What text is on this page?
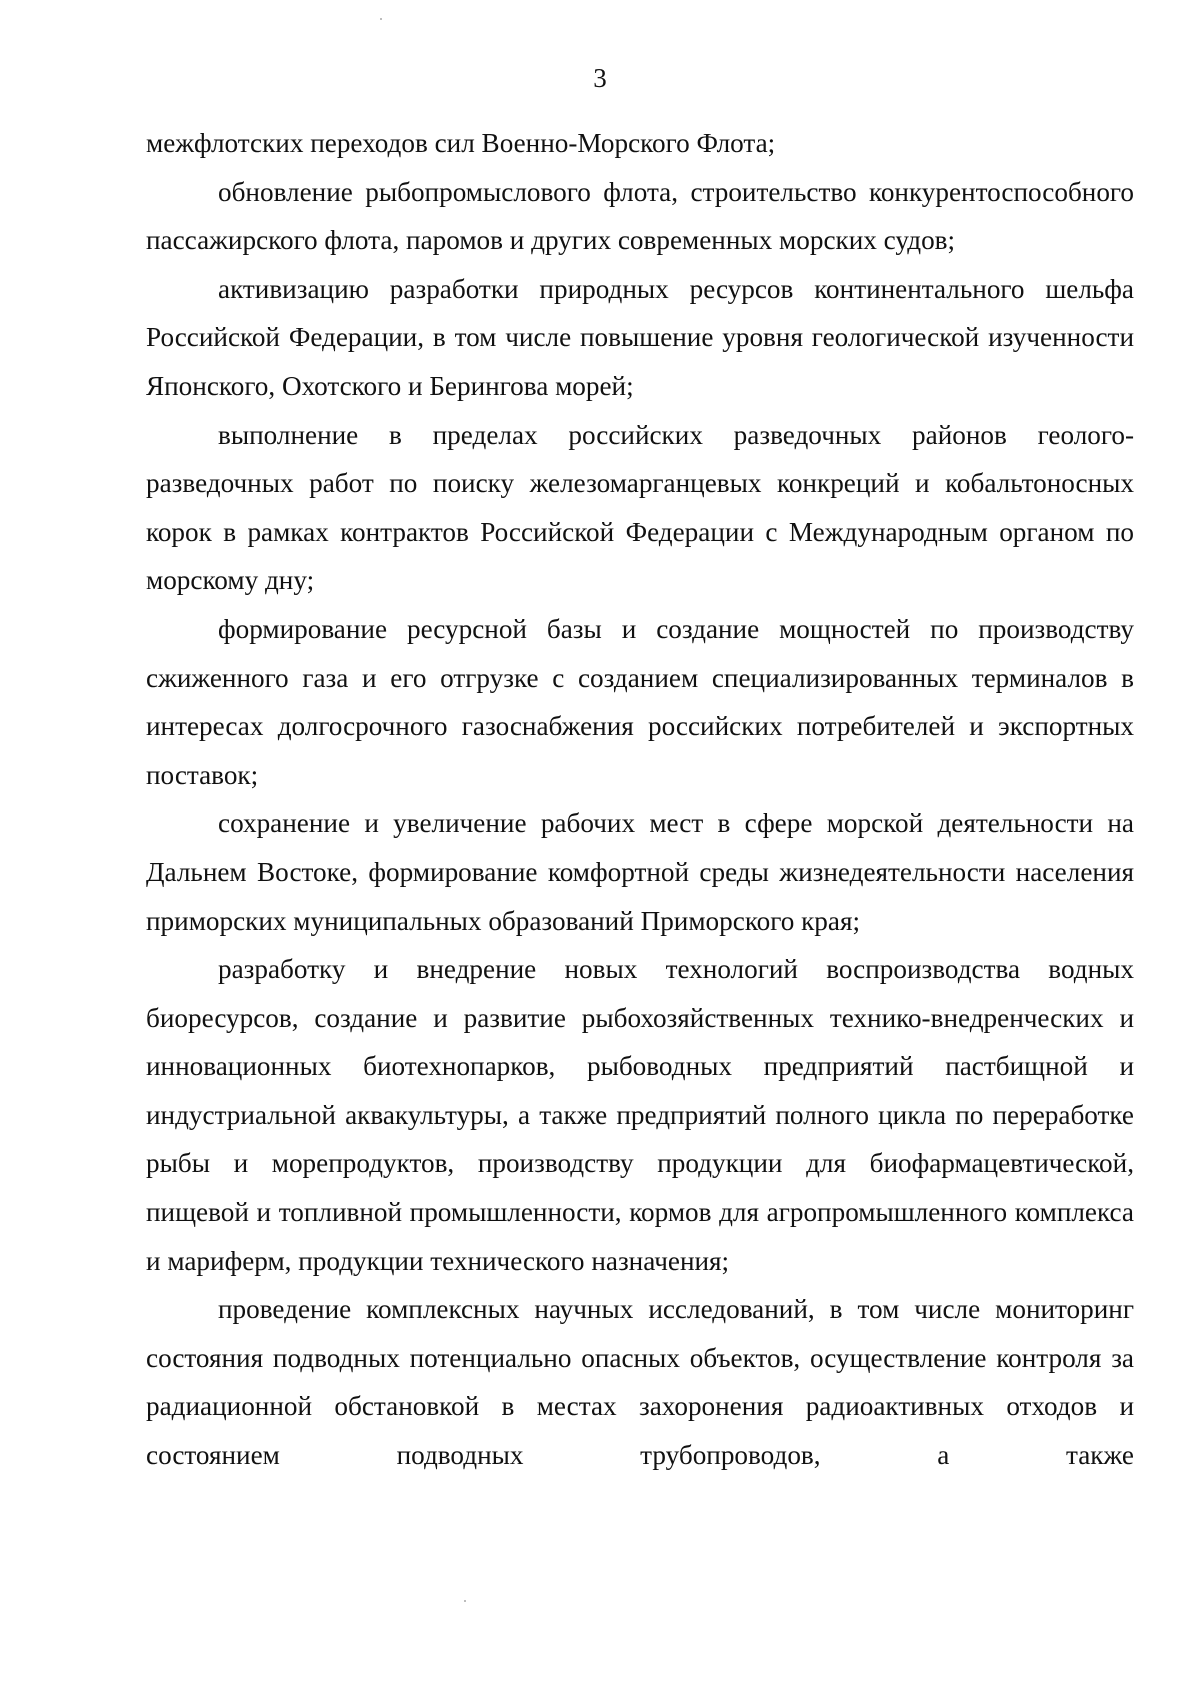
3

межфлотских переходов сил Военно-Морского Флота;

обновление рыбопромыслового флота, строительство конкурентоспособного пассажирского флота, паромов и других современных морских судов;

активизацию разработки природных ресурсов континентального шельфа Российской Федерации, в том числе повышение уровня геологической изученности Японского, Охотского и Берингова морей;

выполнение в пределах российских разведочных районов геолого-разведочных работ по поиску железомарганцевых конкреций и кобальтоносных корок в рамках контрактов Российской Федерации с Международным органом по морскому дну;

формирование ресурсной базы и создание мощностей по производству сжиженного газа и его отгрузке с созданием специализированных терминалов в интересах долгосрочного газоснабжения российских потребителей и экспортных поставок;

сохранение и увеличение рабочих мест в сфере морской деятельности на Дальнем Востоке, формирование комфортной среды жизнедеятельности населения приморских муниципальных образований Приморского края;

разработку и внедрение новых технологий воспроизводства водных биоресурсов, создание и развитие рыбохозяйственных технико-внедренческих и инновационных биотехнопарков, рыбоводных предприятий пастбищной и индустриальной аквакультуры, а также предприятий полного цикла по переработке рыбы и морепродуктов, производству продукции для биофармацевтической, пищевой и топливной промышленности, кормов для агропромышленного комплекса и мариферм, продукции технического назначения;

проведение комплексных научных исследований, в том числе мониторинг состояния подводных потенциально опасных объектов, осуществление контроля за радиационной обстановкой в местах захоронения радиоактивных отходов и состоянием подводных трубопроводов, а также
